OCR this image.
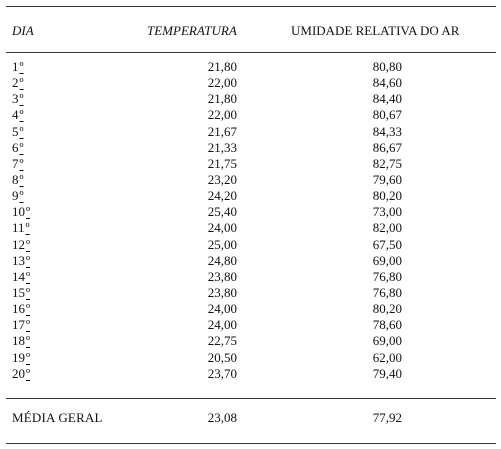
DIA	TEMPERATURA	UMIDADE RELATIVA DO AR
1º	21,80	80,80
2º	22,00	84,60
3º	21,80	84,40
4º	22,00	80,67
5º	21,67	84,33
6º	21,33	86,67
7º	21,75	82,75
8º	23,20	79,60
9º	24,20	80,20
10º	25,40	73,00
11º	24,00	82,00
12º	25,00	67,50
13º	24,80	69,00
14º	23,80	76,80
15º	23,80	76,80
16º	24,00	80,20
17º	24,00	78,60
18º	22,75	69,00
19º	20,50	62,00
20º	23,70	79,40
MÉDIA GERAL	23,08	77,92
